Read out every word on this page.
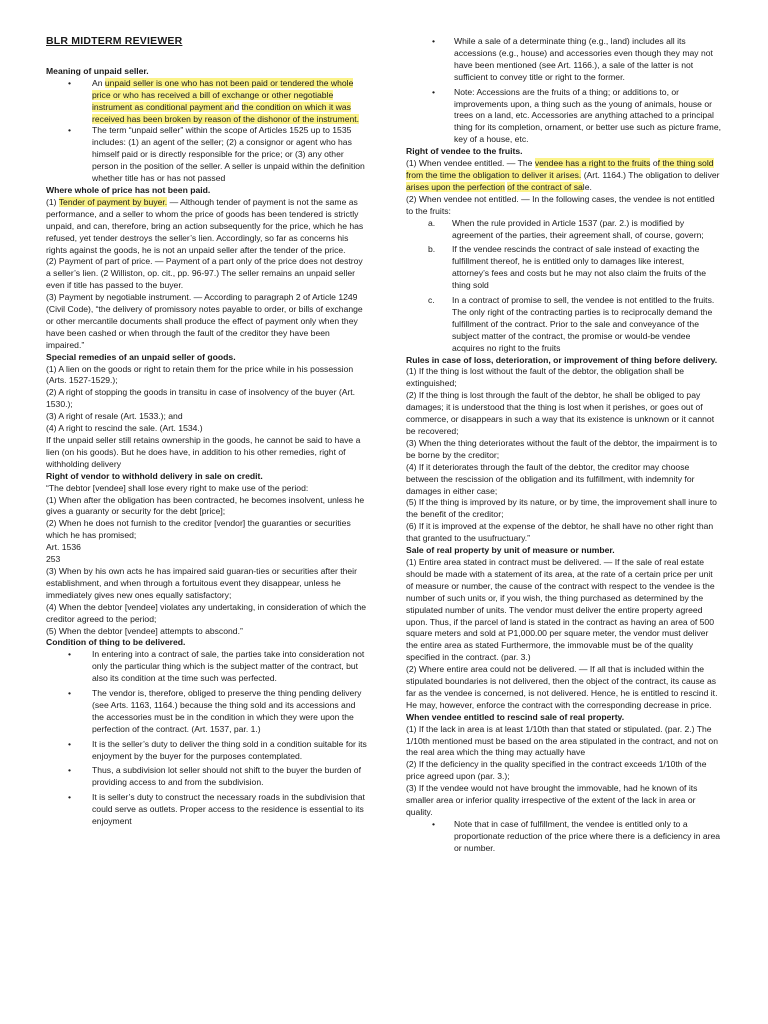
BLR MIDTERM REVIEWER

Meaning of unpaid seller.

• An unpaid seller is one who has not been paid or tendered the whole price or who has received a bill of exchange or other negotiable instrument as conditional payment and the condition on which it was received has been broken by reason of the dishonor of the instrument.
• The term “unpaid seller” within the scope of Articles 1525 up to 1535 includes: (1) an agent of the seller; (2) a consignor or agent who has himself paid or is directly responsible for the price; or (3) any other person in the position of the seller. A seller is unpaid within the definition whether title has or has not passed

Where whole of price has not been paid.

(1) Tender of payment by buyer. — Although tender of payment is not the same as performance, and a seller to whom the price of goods has been tendered is strictly unpaid, and can, therefore, bring an action subsequently for the price, which he has refused, yet tender destroys the seller’s lien. Accordingly, so far as concerns his rights against the goods, he is not an unpaid seller after the tender of the price.

(2) Payment of part of price. — Payment of a part only of the price does not destroy a seller’s lien. (2 Williston, op. cit., pp. 96-97.) The seller remains an unpaid seller even if title has passed to the buyer.

(3) Payment by negotiable instrument. — According to paragraph 2 of Article 1249 (Civil Code), “the delivery of promissory notes payable to order, or bills of exchange or other mercantile documents shall produce the effect of payment only when they have been cashed or when through the fault of the creditor they have been impaired.”

Special remedies of an unpaid seller of goods.

(1) A lien on the goods or right to retain them for the price while in his possession (Arts. 1527-1529.);

(2) A right of stopping the goods in transitu in case of insolvency of the buyer (Art. 1530.);

(3) A right of resale (Art. 1533.); and

(4) A right to rescind the sale. (Art. 1534.)

If the unpaid seller still retains ownership in the goods, he cannot be said to have a lien (on his goods). But he does have, in addition to his other remedies, right of withholding delivery

Right of vendor to withhold delivery in sale on credit.

“The debtor [vendee] shall lose every right to make use of the period:

(1) When after the obligation has been contracted, he becomes insolvent, unless he gives a guaranty or security for the debt [price];

(2) When he does not furnish to the creditor [vendor] the guaranties or securities which he has promised;

Art. 1536

253

(3) When by his own acts he has impaired said guaran-ties or securities after their establishment, and when through a fortuitous event they disappear, unless he immediately gives new ones equally satisfactory;

(4) When the debtor [vendee] violates any undertaking, in consideration of which the creditor agreed to the period;

(5) When the debtor [vendee] attempts to abscond.”

Condition of thing to be delivered.

• In entering into a contract of sale, the parties take into consideration not only the particular thing which is the subject matter of the contract, but also its condition at the time such was perfected.
• The vendor is, therefore, obliged to preserve the thing pending delivery (see Arts. 1163, 1164.) because the thing sold and its accessions and the accessories must be in the condition in which they were upon the perfection of the contract. (Art. 1537, par. 1.)
• It is the seller’s duty to deliver the thing sold in a condition suitable for its enjoyment by the buyer for the purposes contemplated.
• Thus, a subdivision lot seller should not shift to the buyer the burden of providing access to and from the subdivision.
• It is seller’s duty to construct the necessary roads in the subdivision that could serve as outlets. Proper access to the residence is essential to its enjoyment
• While a sale of a determinate thing (e.g., land) includes all its accessions (e.g., house) and accessories even though they may not have been mentioned (see Art. 1166.), a sale of the latter is not sufficient to convey title or right to the former.
• Note: Accessions are the fruits of a thing; or additions to, or improvements upon, a thing such as the young of animals, house or trees on a land, etc. Accessories are anything attached to a principal thing for its completion, ornament, or better use such as picture frame, key of a house, etc.

Right of vendee to the fruits.

(1) When vendee entitled. — The vendee has a right to the fruits of the thing sold from the time the obligation to deliver it arises. (Art. 1164.) The obligation to deliver arises upon the perfection of the contract of sale.

(2) When vendee not entitled. — In the following cases, the vendee is not entitled to the fruits:

a. When the rule provided in Article 1537 (par. 2.) is modified by agreement of the parties, their agreement shall, of course, govern;
b. If the vendee rescinds the contract of sale instead of exacting the fulfillment thereof, he is entitled only to damages like interest, attorney’s fees and costs but he may not also claim the fruits of the thing sold
c. In a contract of promise to sell, the vendee is not entitled to the fruits. The only right of the contracting parties is to reciprocally demand the fulfillment of the contract. Prior to the sale and conveyance of the subject matter of the contract, the promise or would-be vendee acquires no right to the fruits

Rules in case of loss, deterioration, or improvement of thing before delivery.

(1) If the thing is lost without the fault of the debtor, the obligation shall be extinguished;

(2) If the thing is lost through the fault of the debtor, he shall be obliged to pay damages; it is understood that the thing is lost when it perishes, or goes out of commerce, or disappears in such a way that its existence is unknown or it cannot be recovered;

(3) When the thing deteriorates without the fault of the debtor, the impairment is to be borne by the creditor;

(4) If it deteriorates through the fault of the debtor, the creditor may choose between the rescission of the obligation and its fulfillment, with indemnity for damages in either case;

(5) If the thing is improved by its nature, or by time, the improvement shall inure to the benefit of the creditor;

(6) If it is improved at the expense of the debtor, he shall have no other right than that granted to the usufructuary.”

Sale of real property by unit of measure or number.

(1) Entire area stated in contract must be delivered. — If the sale of real estate should be made with a statement of its area, at the rate of a certain price per unit of measure or number, the cause of the contract with respect to the vendee is the number of such units or, if you wish, the thing purchased as determined by the stipulated number of units. The vendor must deliver the entire property agreed upon. Thus, if the parcel of land is stated in the contract as having an area of 500 square meters and sold at P1,000.00 per square meter, the vendor must deliver the entire area as stated Furthermore, the immovable must be of the quality specified in the contract. (par. 3.)

(2) Where entire area could not be delivered. — If all that is included within the stipulated boundaries is not delivered, then the object of the contract, its cause as far as the vendee is concerned, is not delivered. Hence, he is entitled to rescind it. He may, however, enforce the contract with the corresponding decrease in price.

When vendee entitled to rescind sale of real property.

(1) If the lack in area is at least 1/10th than that stated or stipulated. (par. 2.) The 1/10th mentioned must be based on the area stipulated in the contract, and not on the real area which the thing may actually have

(2) If the deficiency in the quality specified in the contract exceeds 1/10th of the price agreed upon (par. 3.);

(3) If the vendee would not have brought the immovable, had he known of its smaller area or inferior quality irrespective of the extent of the lack in area or quality.

• Note that in case of fulfillment, the vendee is entitled only to a proportionate reduction of the price where there is a deficiency in area or number.
